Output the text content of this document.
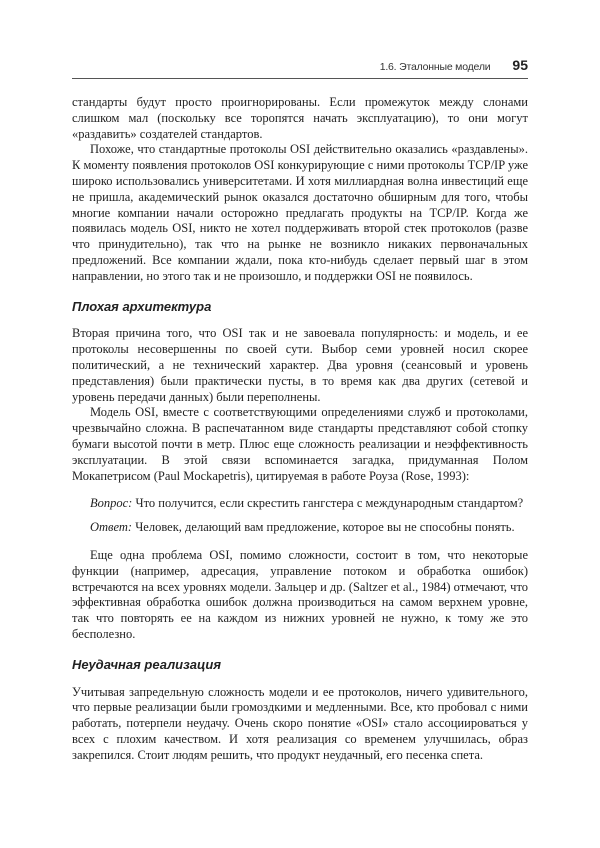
1.6. Эталонные модели 95

стандарты будут просто проигнорированы. Если промежуток между слонами слишком мал (поскольку все торопятся начать эксплуатацию), то они могут «раздавить» создателей стандартов.

Похоже, что стандартные протоколы OSI действительно оказались «раздавлены». К моменту появления протоколов OSI конкурирующие с ними протоколы TCP/IP уже широко использовались университетами. И хотя миллиардная волна инвестиций еще не пришла, академический рынок оказался достаточно обширным для того, чтобы многие компании начали осторожно предлагать продукты на TCP/IP. Когда же появилась модель OSI, никто не хотел поддерживать второй стек протоколов (разве что принудительно), так что на рынке не возникло никаких первоначальных предложений. Все компании ждали, пока кто-нибудь сделает первый шаг в этом направлении, но этого так и не произошло, и поддержки OSI не появилось.

Плохая архитектура

Вторая причина того, что OSI так и не завоевала популярность: и модель, и ее протоколы несовершенны по своей сути. Выбор семи уровней носил скорее политический, а не технический характер. Два уровня (сеансовый и уровень представления) были практически пусты, в то время как два других (сетевой и уровень передачи данных) были переполнены.

Модель OSI, вместе с соответствующими определениями служб и протоколами, чрезвычайно сложна. В распечатанном виде стандарты представляют собой стопку бумаги высотой почти в метр. Плюс еще сложность реализации и неэффективность эксплуатации. В этой связи вспоминается загадка, придуманная Полом Мокапетрисом (Paul Mockapetris), цитируемая в работе Роуза (Rose, 1993):

Вопрос: Что получится, если скрестить гангстера с международным стандартом?

Ответ: Человек, делающий вам предложение, которое вы не способны понять.

Еще одна проблема OSI, помимо сложности, состоит в том, что некоторые функции (например, адресация, управление потоком и обработка ошибок) встречаются на всех уровнях модели. Зальцер и др. (Saltzer et al., 1984) отмечают, что эффективная обработка ошибок должна производиться на самом верхнем уровне, так что повторять ее на каждом из нижних уровней не нужно, к тому же это бесполезно.

Неудачная реализация

Учитывая запредельную сложность модели и ее протоколов, ничего удивительного, что первые реализации были громоздкими и медленными. Все, кто пробовал с ними работать, потерпели неудачу. Очень скоро понятие «OSI» стало ассоциироваться у всех с плохим качеством. И хотя реализация со временем улучшилась, образ закрепился. Стоит людям решить, что продукт неудачный, его песенка спета.
